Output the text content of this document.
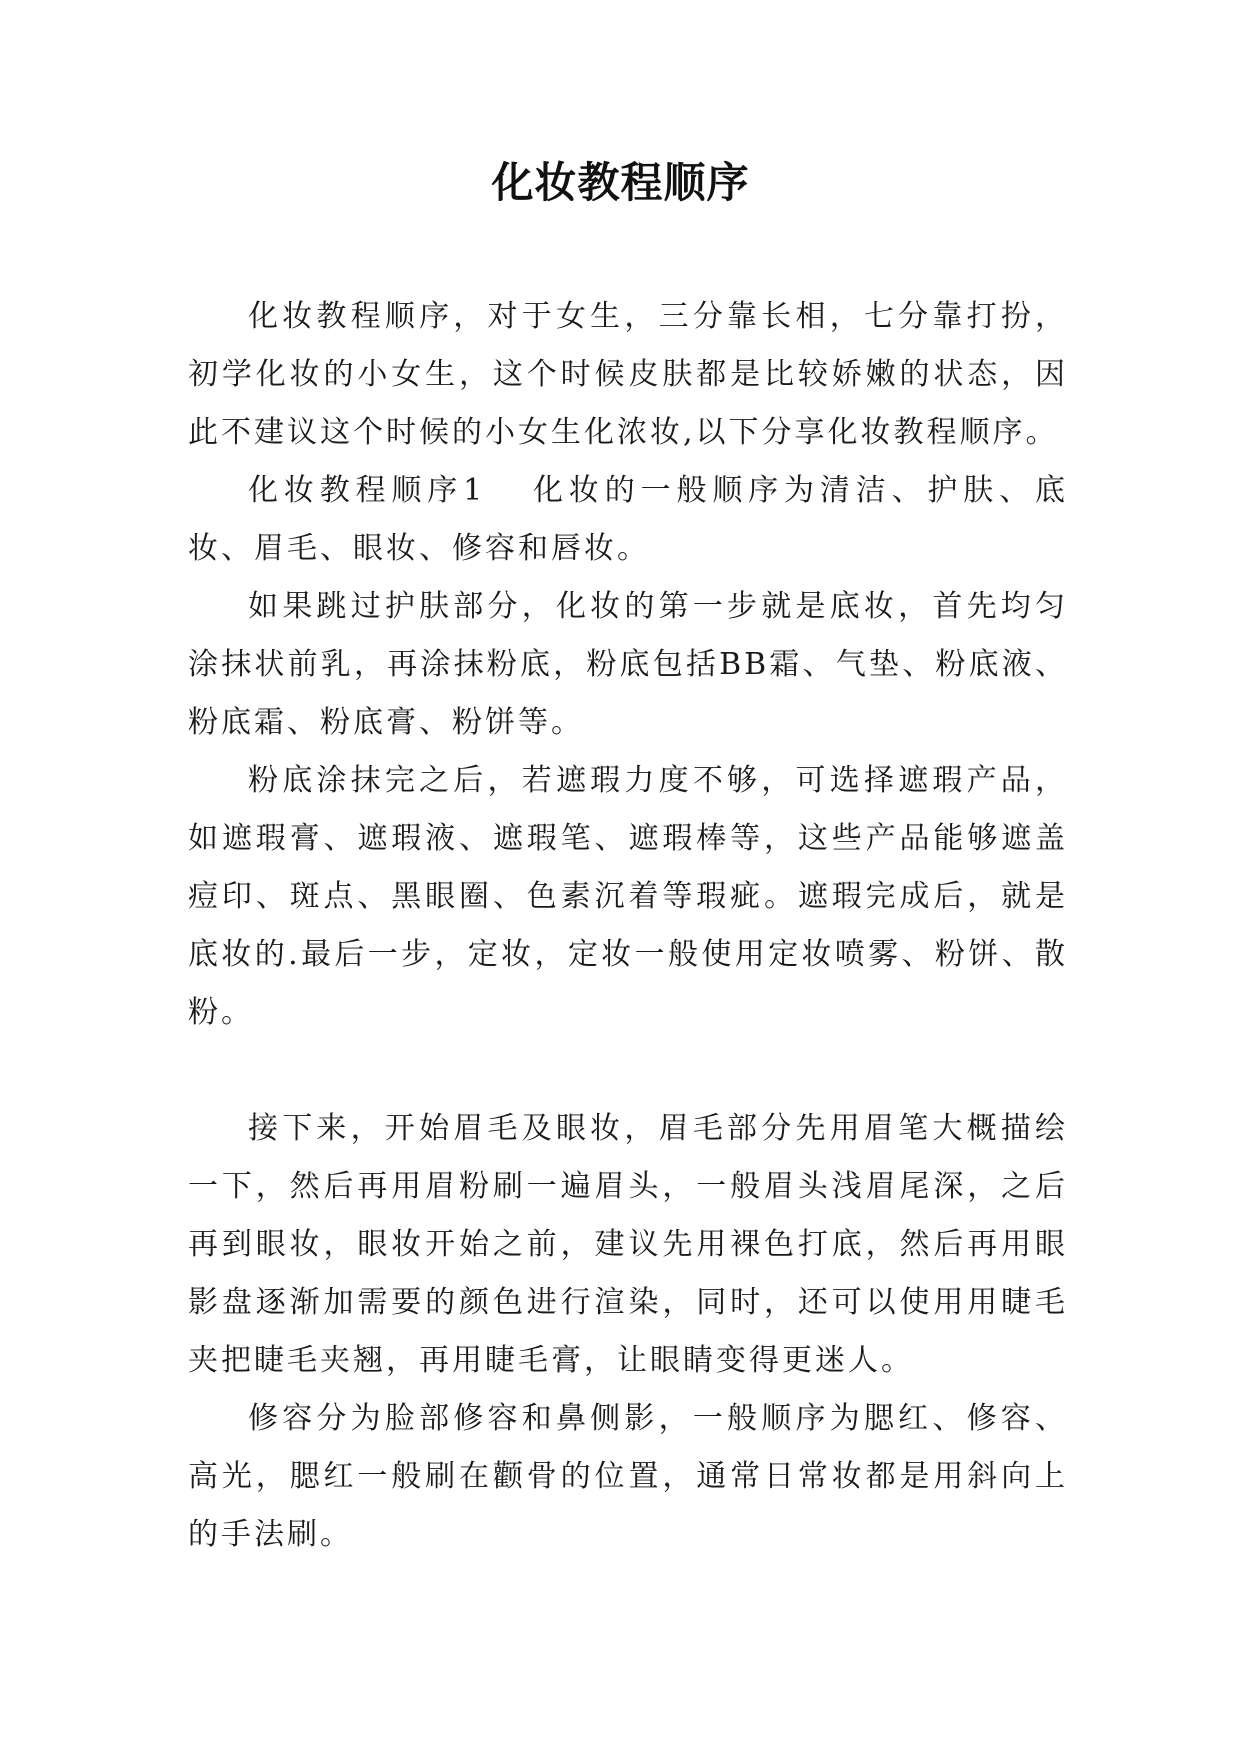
化妆教程顺序

化妆教程顺序，对于女生，三分靠长相，七分靠打扮，初学化妆的小女生，这个时候皮肤都是比较娇嫩的状态，因此不建议这个时候的小女生化浓妆,以下分享化妆教程顺序。

化妆教程顺序1 化妆的一般顺序为清洁、护肤、底妆、眉毛、眼妆、修容和唇妆。

如果跳过护肤部分，化妆的第一步就是底妆，首先均匀涂抹状前乳，再涂抹粉底，粉底包括BB霜、气垫、粉底液、粉底霜、粉底膏、粉饼等。

粉底涂抹完之后，若遮瑕力度不够，可选择遮瑕产品，如遮瑕膏、遮瑕液、遮瑕笔、遮瑕棒等，这些产品能够遮盖痘印、斑点、黑眼圈、色素沉着等瑕疵。遮瑕完成后，就是底妆的.最后一步，定妆，定妆一般使用定妆喷雾、粉饼、散粉。

接下来，开始眉毛及眼妆，眉毛部分先用眉笔大概描绘一下，然后再用眉粉刷一遍眉头，一般眉头浅眉尾深，之后再到眼妆，眼妆开始之前，建议先用裸色打底，然后再用眼影盘逐渐加需要的颜色进行渲染，同时，还可以使用用睫毛夹把睫毛夹翘，再用睫毛膏，让眼睛变得更迷人。

修容分为脸部修容和鼻侧影，一般顺序为腮红、修容、高光，腮红一般刷在颧骨的位置，通常日常妆都是用斜向上的手法刷。
